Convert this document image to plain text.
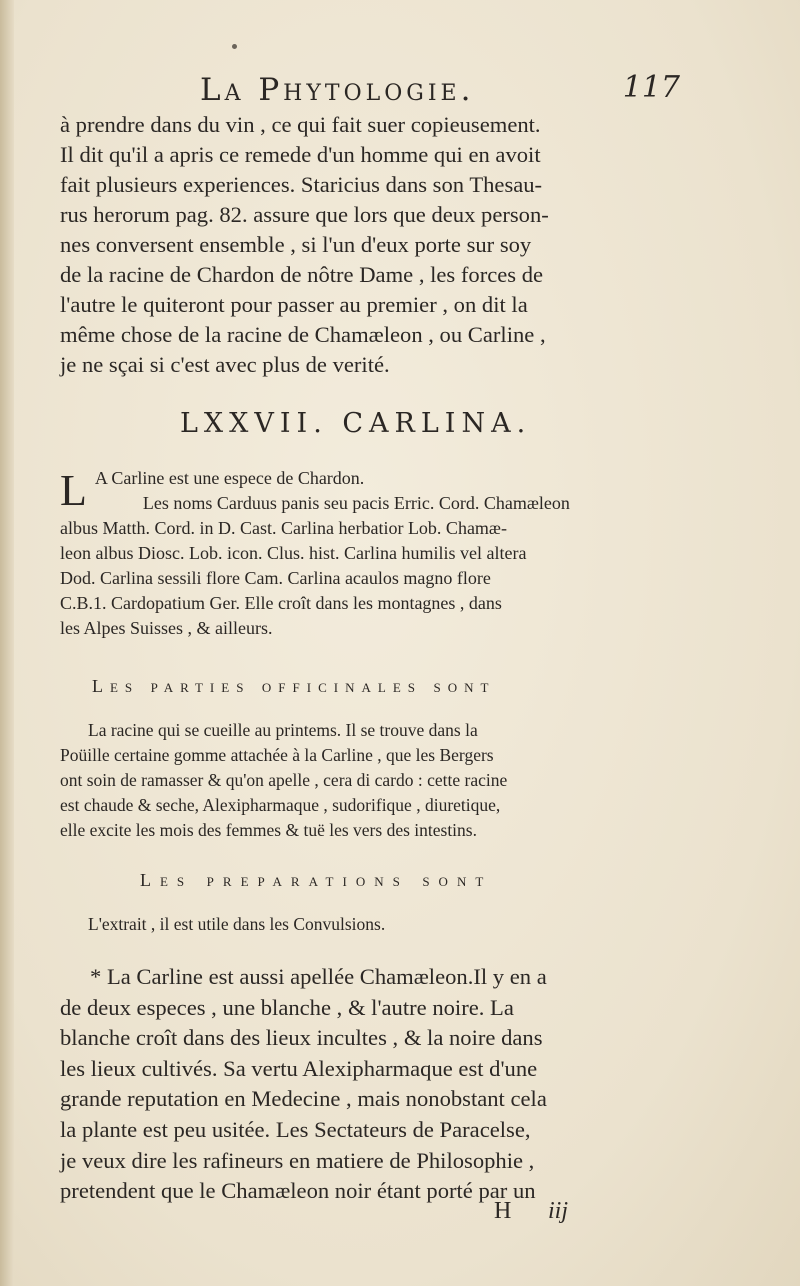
La Phytologie.	117

à prendre dans du vin , ce qui fait suer copieusement.

Il dit qu'il a apris ce remede d'un homme qui en avoit

fait plusieurs experiences. Staricius dans son Thesau-

rus herorum pag. 82. assure que lors que deux person-

nes conversent ensemble , si l'un d'eux porte sur soy

de la racine de Chardon de nôtre Dame , les forces de

l'autre le quiteront pour passer au premier , on dit la

même chose de la racine de Chamæleon , ou Carline ,

je ne sçai si c'est avec plus de verité.

LXXVII. CARLINA.
L A Carline est une espece de Chardon.

Les noms Carduus panis seu pacis Erric. Cord. Chamæleon

albus Matth. Cord. in D. Cast. Carlina herbatior Lob. Chamæ-

leon albus Diosc. Lob. icon. Clus. hist. Carlina humilis vel altera

Dod. Carlina sessili flore Cam. Carlina acaulos magno flore

C.B.1. Cardopatium Ger. Elle croît dans les montagnes , dans

les Alpes Suisses , & ailleurs.

Les parties officinales sont

La racine qui se cueille au printems. Il se trouve dans la

Poüille certaine gomme attachée à la Carline , que les Bergers

ont soin de ramasser & qu'on apelle , cera di cardo : cette racine

est chaude & seche, Alexipharmaque , sudorifique , diuretique,

elle excite les mois des femmes & tuë les vers des intestins.

Les preparations sont

L'extrait , il est utile dans les Convulsions.

* La Carline est aussi apellée Chamæleon.Il y en a

de deux especes , une blanche , & l'autre noire. La

blanche croît dans des lieux incultes , & la noire dans

les lieux cultivés. Sa vertu Alexipharmaque est d'une

grande reputation en Medecine , mais nonobstant cela

la plante est peu usitée. Les Sectateurs de Paracelse,

je veux dire les rafineurs en matiere de Philosophie ,

pretendent que le Chamæleon noir étant porté par un

H iij
